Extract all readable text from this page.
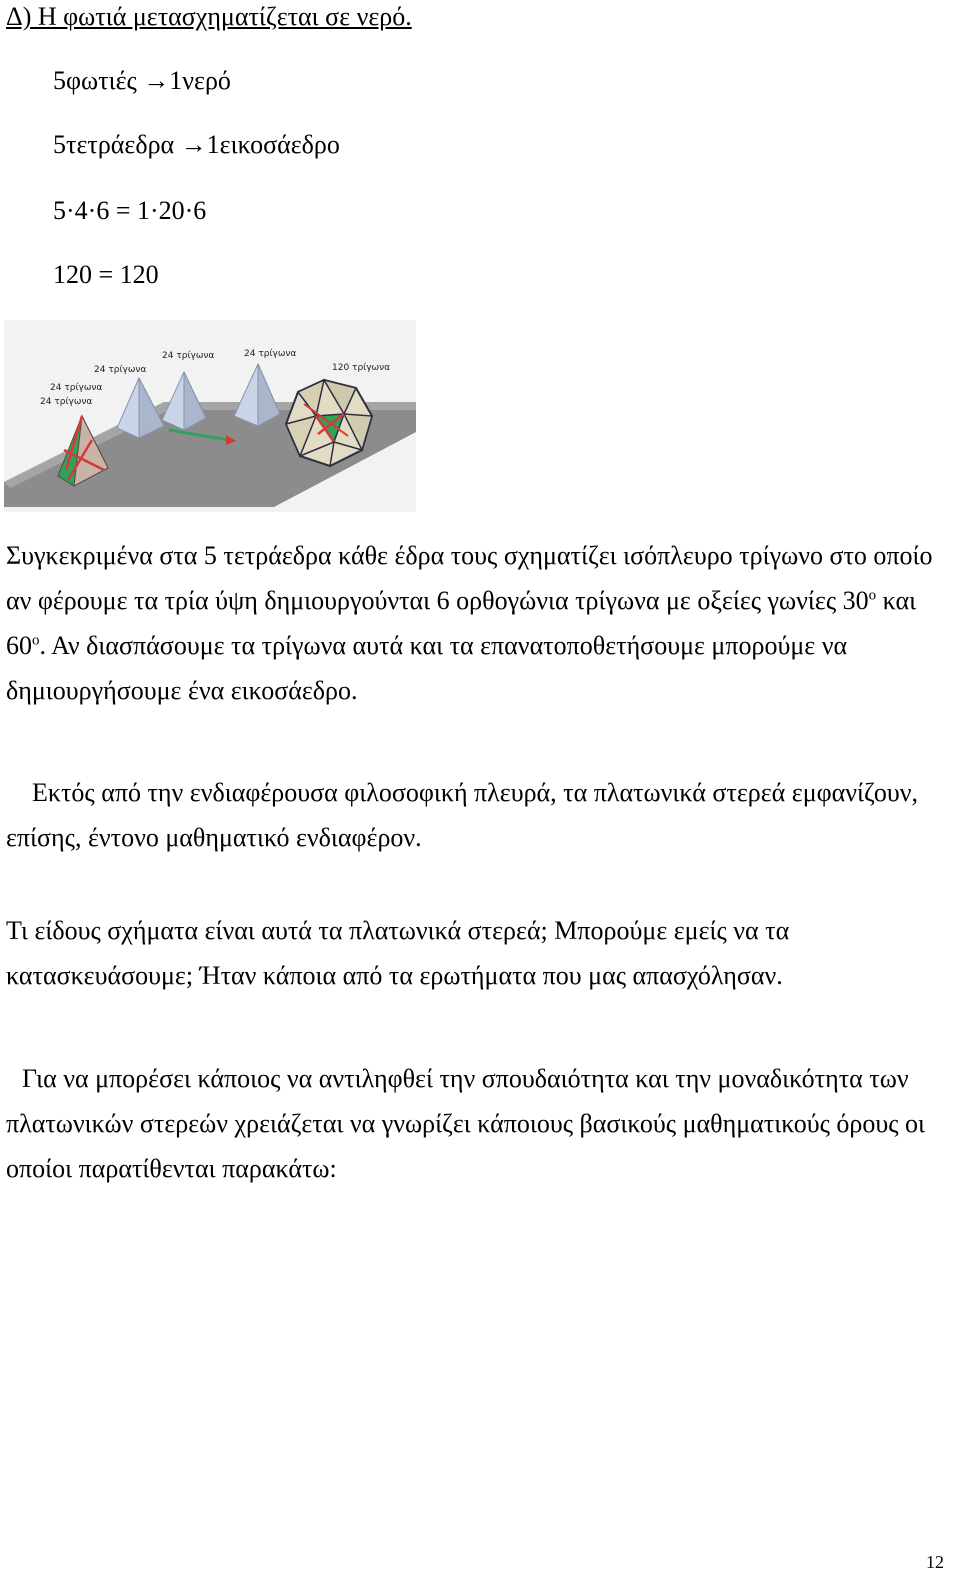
Δ) Η φωτιά μετασχηματίζεται σε νερό.
5φωτιές →1νερό
5τετράεδρα →1εικοσάεδρο
5·4·6 = 1·20·6
120 = 120
24 τρίγωνα	24 τρίγωνα
24 τρίγωνα
24 τρίγωνα
24 τρίγωνα
120 τρίγωνα
Συγκεκριμένα στα 5 τετράεδρα κάθε έδρα τους σχηματίζει ισόπλευρο τρίγωνο στο οποίο αν φέρουμε τα τρία ύψη δημιουργούνται 6 ορθογώνια τρίγωνα με οξείες γωνίες $30^o$ και $60^o$. Αν διασπάσουμε τα τρίγωνα αυτά και τα επανατοποθετήσουμε μπορούμε να δημιουργήσουμε ένα εικοσάεδρο.
Εκτός από την ενδιαφέρουσα φιλοσοφική πλευρά, τα πλατωνικά στερεά εμφανίζουν, επίσης, έντονο μαθηματικό ενδιαφέρον.
Τι είδους σχήματα είναι αυτά τα πλατωνικά στερεά; Μπορούμε εμείς να τα κατασκευάσουμε; Ήταν κάποια από τα ερωτήματα που μας απασχόλησαν.
Για να μπορέσει κάποιος να αντιληφθεί την σπουδαιότητα και την μοναδικότητα των πλατωνικών στερεών χρειάζεται να γνωρίζει κάποιους βασικούς μαθηματικούς όρους οι οποίοι παρατίθενται παρακάτω:
12
